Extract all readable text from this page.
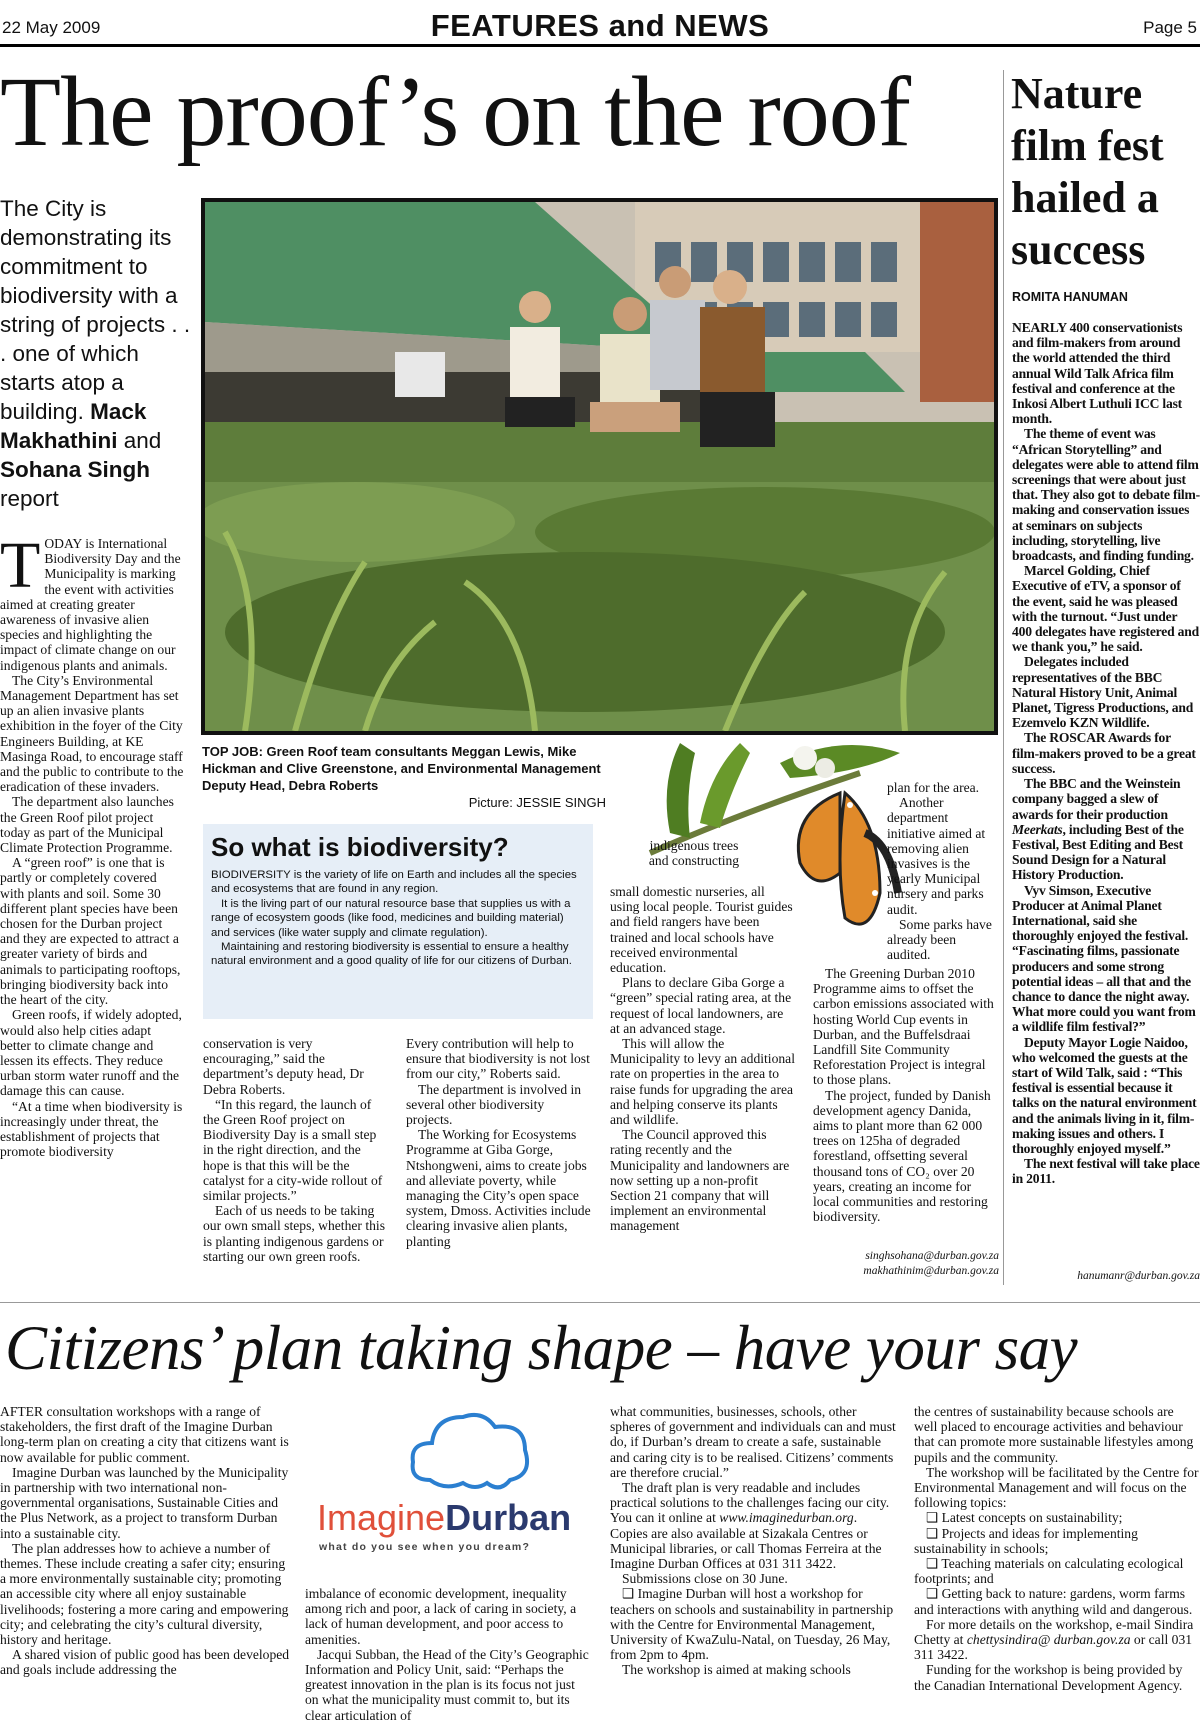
22 May 2009	FEATURES and NEWS	Page 5
The proof’s on the roof
The City is demonstrating its commitment to biodiversity with a string of projects . . . one of which starts atop a building. Mack Makhathini and Sohana Singh report
TODAY is International Biodiversity Day and the Municipality is marking the event with activities aimed at creating greater awareness of invasive alien species and highlighting the impact of climate change on our indigenous plants and animals.

The City’s Environmental Management Department has set up an alien invasive plants exhibition in the foyer of the City Engineers Building, at KE Masinga Road, to encourage staff and the public to contribute to the eradication of these invaders.

The department also launches the Green Roof pilot project today as part of the Municipal Climate Protection Programme.

A “green roof” is one that is partly or completely covered with plants and soil. Some 30 different plant species have been chosen for the Durban project and they are expected to attract a greater variety of birds and animals to participating rooftops, bringing biodiversity back into the heart of the city.

Green roofs, if widely adopted, would also help cities adapt better to climate change and lessen its effects. They reduce urban storm water runoff and the damage this can cause.

“At a time when biodiversity is increasingly under threat, the establishment of projects that promote biodiversity

TOP JOB: Green Roof team consultants Meggan Lewis, Mike Hickman and Clive Greenstone, and Environmental Management Deputy Head, Debra Roberts
Picture: JESSIE SINGH
So what is biodiversity?
BIODIVERSITY is the variety of life on Earth and includes all the species and ecosystems that are found in any region.
It is the living part of our natural resource base that supplies us with a range of ecosystem goods (like food, medicines and building material) and services (like water supply and climate regulation).
Maintaining and restoring biodiversity is essential to ensure a healthy natural environment and a good quality of life for our citizens of Durban.

conservation is very encouraging,” said the department’s deputy head, Dr Debra Roberts.

“In this regard, the launch of the Green Roof project on Biodiversity Day is a small step in the right direction, and the hope is that this will be the catalyst for a city-wide rollout of similar projects.”

Each of us needs to be taking our own small steps, whether this is planting indigenous gardens or starting our own green roofs.

Every contribution will help to ensure that biodiversity is not lost from our city,” Roberts said.

The department is involved in several other biodiversity projects.

The Working for Ecosystems Programme at Giba Gorge, Ntshongweni, aims to create jobs and alleviate poverty, while managing the City’s open space system, Dmoss. Activities include clearing invasive alien plants, planting

indigenous trees and constructing

small domestic nurseries, all using local people. Tourist guides and field rangers have been trained and local schools have received environmental education.

Plans to declare Giba Gorge a “green” special rating area, at the request of local landowners, are at an advanced stage.

This will allow the Municipality to levy an additional rate on properties in the area to raise funds for upgrading the area and helping conserve its plants and wildlife.

The Council approved this rating recently and the Municipality and landowners are now setting up a non-profit Section 21 company that will implement an environmental management

plan for the area.

Another department initiative aimed at removing alien invasives is the yearly Municipal nursery and parks audit.

Some parks have already been audited.

The Greening Durban 2010 Programme aims to offset the carbon emissions associated with hosting World Cup events in Durban, and the Buffelsdraai Landfill Site Community Reforestation Project is integral to those plans.

The project, funded by Danish development agency Danida, aims to plant more than 62 000 trees on 125ha of degraded forestland, offsetting several thousand tons of CO₂ over 20 years, creating an income for local communities and restoring biodiversity.

singhsohana@durban.gov.za
makhathinim@durban.gov.za
Nature film fest hailed a success
ROMITA HANUMAN

NEARLY 400 conservationists and film-makers from around the world attended the third annual Wild Talk Africa film festival and conference at the Inkosi Albert Luthuli ICC last month.

The theme of event was “African Storytelling” and delegates were able to attend film screenings that were about just that. They also got to debate film-making and conservation issues at seminars on subjects including, storytelling, live broadcasts, and finding funding.

Marcel Golding, Chief Executive of eTV, a sponsor of the event, said he was pleased with the turnout. “Just under 400 delegates have registered and we thank you,” he said.

Delegates included representatives of the BBC Natural History Unit, Animal Planet, Tigress Productions, and Ezemvelo KZN Wildlife.

The ROSCAR Awards for film-makers proved to be a great success.

The BBC and the Weinstein company bagged a slew of awards for their production Meerkats, including Best of the Festival, Best Editing and Best Sound Design for a Natural History Production.

Vyv Simson, Executive Producer at Animal Planet International, said she thoroughly enjoyed the festival. “Fascinating films, passionate producers and some strong potential ideas – all that and the chance to dance the night away. What more could you want from a wildlife film festival?”

Deputy Mayor Logie Naidoo, who welcomed the guests at the start of Wild Talk, said : “This festival is essential because it talks on the natural environment and the animals living in it, film-making issues and others. I thoroughly enjoyed myself.”

The next festival will take place in 2011.

hanumanr@durban.gov.za
Citizens’ plan taking shape – have your say

AFTER consultation workshops with a range of stakeholders, the first draft of the Imagine Durban long-term plan on creating a city that citizens want is now available for public comment.

Imagine Durban was launched by the Municipality in partnership with two international non-governmental organisations, Sustainable Cities and the Plus Network, as a project to transform Durban into a sustainable city.

The plan addresses how to achieve a number of themes. These include creating a safer city; ensuring a more environmentally sustainable city; promoting an accessible city where all enjoy sustainable livelihoods; fostering a more caring and empowering city; and celebrating the city’s cultural diversity, history and heritage.

A shared vision of public good has been developed and goals include addressing the

ImagineDurban
what do you see when you dream?

imbalance of economic development, inequality among rich and poor, a lack of caring in society, a lack of human development, and poor access to amenities.

Jacqui Subban, the Head of the City’s Geographic Information and Policy Unit, said: “Perhaps the greatest innovation in the plan is its focus not just on what the municipality must commit to, but its clear articulation of

what communities, businesses, schools, other spheres of government and individuals can and must do, if Durban’s dream to create a safe, sustainable and caring city is to be realised. Citizens’ comments are therefore crucial.”

The draft plan is very readable and includes practical solutions to the challenges facing our city. You can it online at www.imaginedurban.org. Copies are also available at Sizakala Centres or Municipal libraries, or call Thomas Ferreira at the Imagine Durban Offices at 031 311 3422.

Submissions close on 30 June.

❑ Imagine Durban will host a workshop for teachers on schools and sustainability in partnership with the Centre for Environmental Management, University of KwaZulu-Natal, on Tuesday, 26 May, from 2pm to 4pm.

The workshop is aimed at making schools

the centres of sustainability because schools are well placed to encourage activities and behaviour that can promote more sustainable lifestyles among pupils and the community.

The workshop will be facilitated by the Centre for Environmental Management and will focus on the following topics:

❑ Latest concepts on sustainability;

❑ Projects and ideas for implementing sustainability in schools;

❑ Teaching materials on calculating ecological footprints; and

❑ Getting back to nature: gardens, worm farms and interactions with anything wild and dangerous.

For more details on the workshop, e-mail Sindira Chetty at chettysindira@ durban.gov.za or call 031 311 3422.

Funding for the workshop is being provided by the Canadian International Development Agency.
